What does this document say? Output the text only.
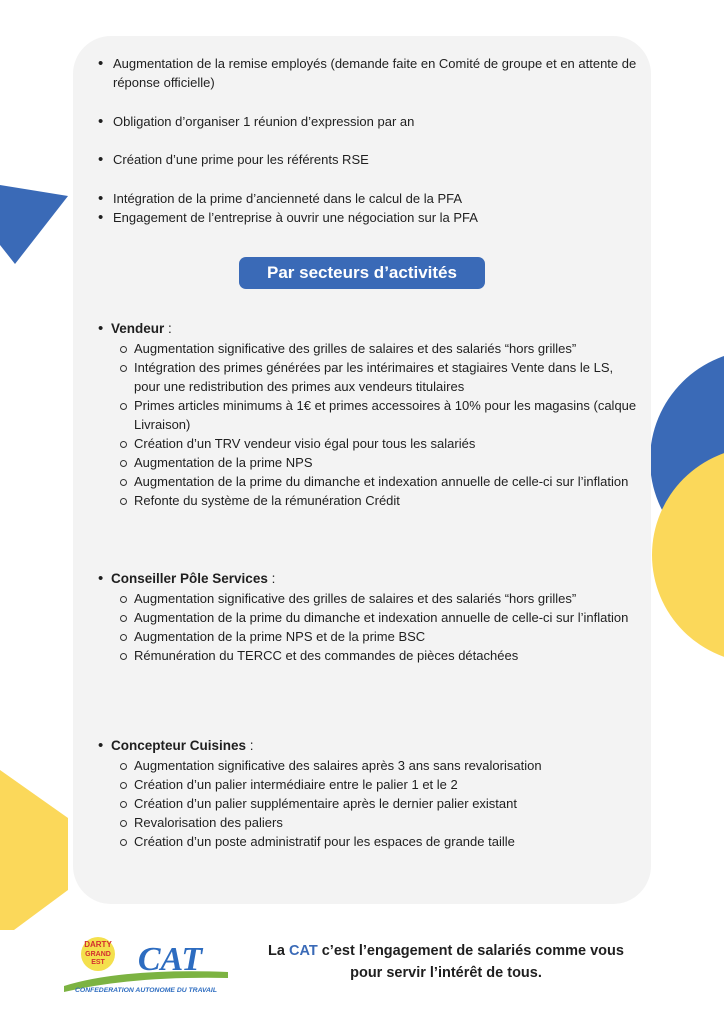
• Augmentation de la remise employés (demande faite en Comité de groupe et en attente de réponse officielle)
• Obligation d’organiser 1 réunion d’expression par an
• Création d’une prime pour les référents RSE
• Intégration de la prime d’ancienneté dans le calcul de la PFA
• Engagement de l’entreprise à ouvrir une négociation sur la PFA
Par secteurs d’activités
• Vendeur :
Augmentation significative des grilles de salaires et des salariés “hors grilles”
Intégration des primes générées par les intérimaires et stagiaires Vente dans le LS, pour une redistribution des primes aux vendeurs titulaires
Primes articles minimums à 1€ et primes accessoires à 10% pour les magasins (calque Livraison)
Création d’un TRV vendeur visio égal pour tous les salariés
Augmentation de la prime NPS
Augmentation de la prime du dimanche et indexation annuelle de celle-ci sur l’inflation
Refonte du système de la rémunération Crédit
• Conseiller Pôle Services :
Augmentation significative des grilles de salaires et des salariés “hors grilles”
Augmentation de la prime du dimanche et indexation annuelle de celle-ci sur l’inflation
Augmentation de la prime NPS et de la prime BSC
Rémunération du TERCC et des commandes de pièces détachées
• Concepteur Cuisines :
Augmentation significative des salaires après 3 ans sans revalorisation
Création d’un palier intermédiaire entre le palier 1 et le 2
Création d’un palier supplémentaire après le dernier palier existant
Revalorisation des paliers
Création d’un poste administratif pour les espaces de grande taille
DARTY
GRAND
EST CAT
CONFEDERATION AUTONOME DU TRAVAIL
La CAT c’est l’engagement de salariés comme vous
pour servir l’intérêt de tous.
